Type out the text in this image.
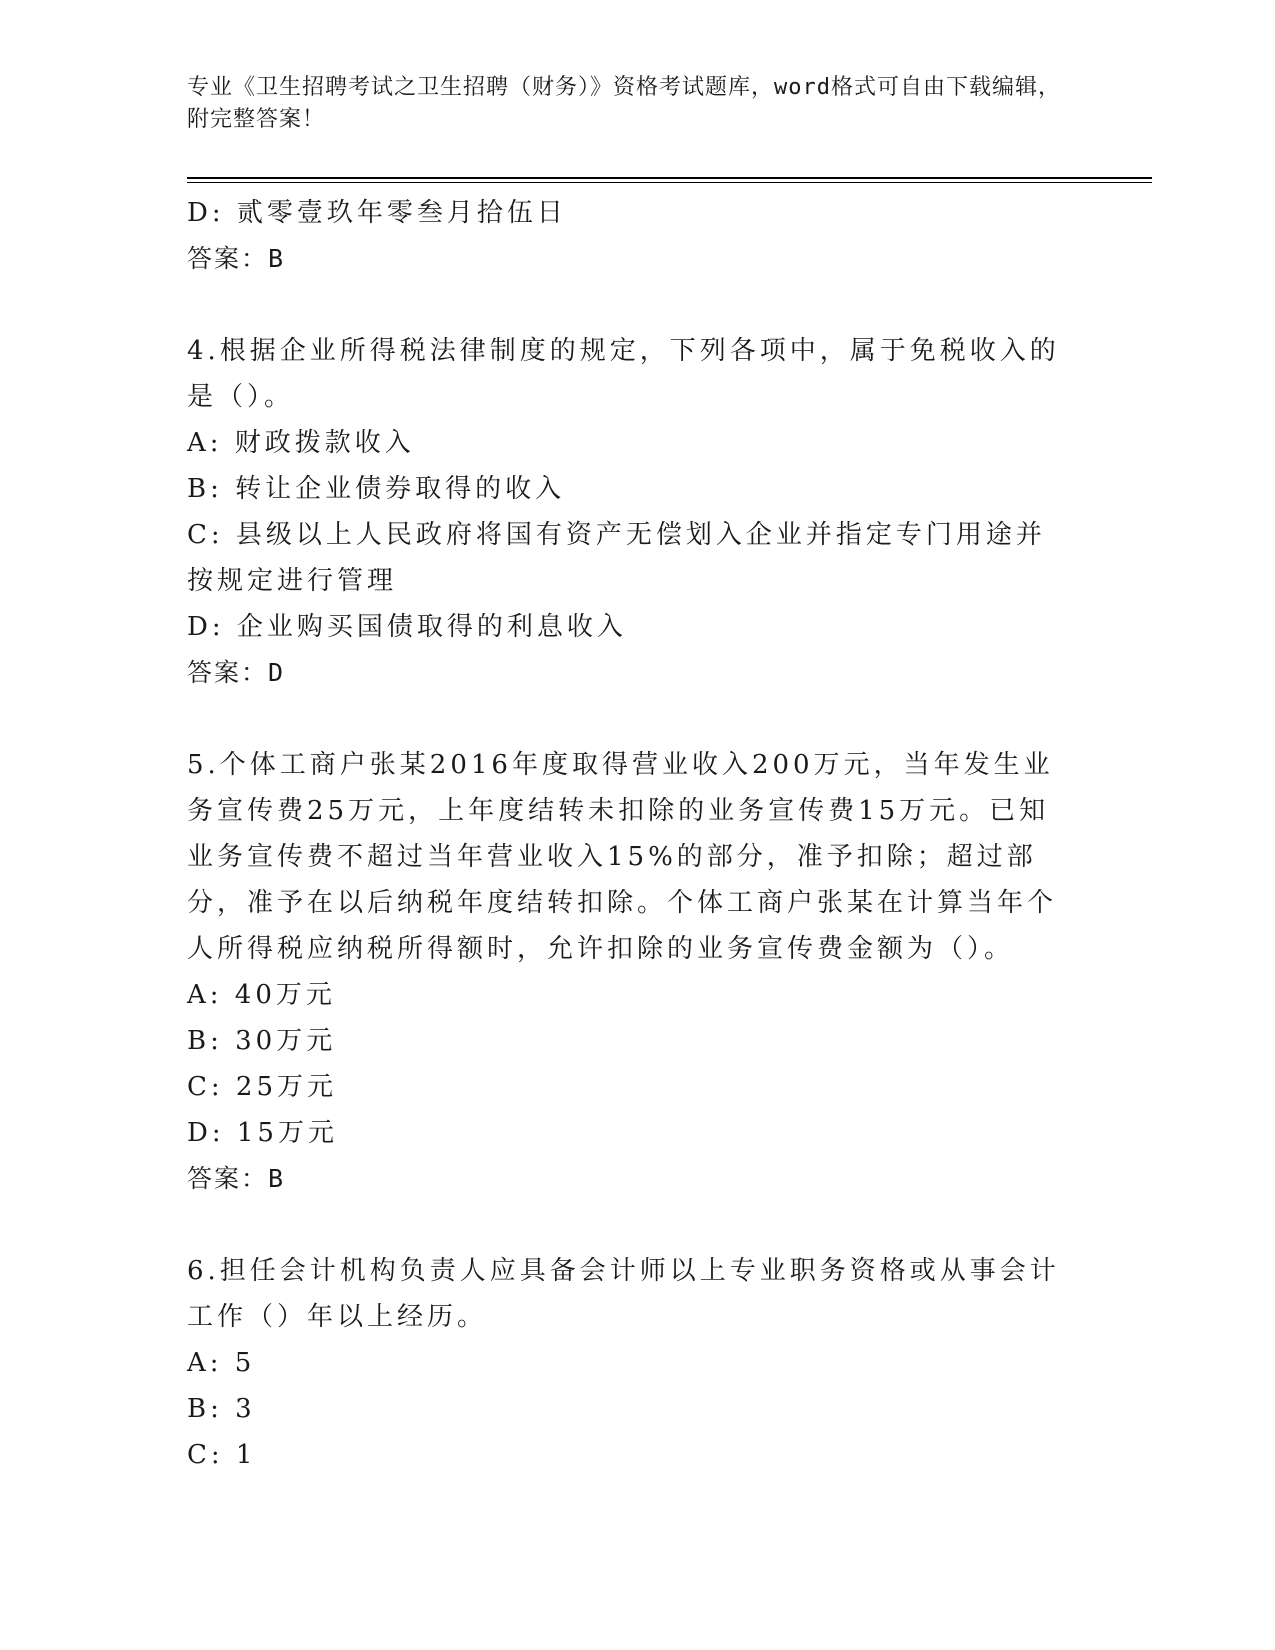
专业《卫生招聘考试之卫生招聘（财务）》资格考试题库，word格式可自由下载编辑，附完整答案！
D: 贰零壹玖年零叁月拾伍日
答案：B
4.根据企业所得税法律制度的规定，下列各项中，属于免税收入的是（）。
A: 财政拨款收入
B: 转让企业债券取得的收入
C: 县级以上人民政府将国有资产无偿划入企业并指定专门用途并按规定进行管理
D: 企业购买国债取得的利息收入
答案：D
5.个体工商户张某2016年度取得营业收入200万元，当年发生业务宣传费25万元，上年度结转未扣除的业务宣传费15万元。已知业务宣传费不超过当年营业收入15%的部分，准予扣除；超过部分，准予在以后纳税年度结转扣除。个体工商户张某在计算当年个人所得税应纳税所得额时，允许扣除的业务宣传费金额为（）。
A: 40万元
B: 30万元
C: 25万元
D: 15万元
答案：B
6.担任会计机构负责人应具备会计师以上专业职务资格或从事会计工作（）年以上经历。
A: 5
B: 3
C: 1
